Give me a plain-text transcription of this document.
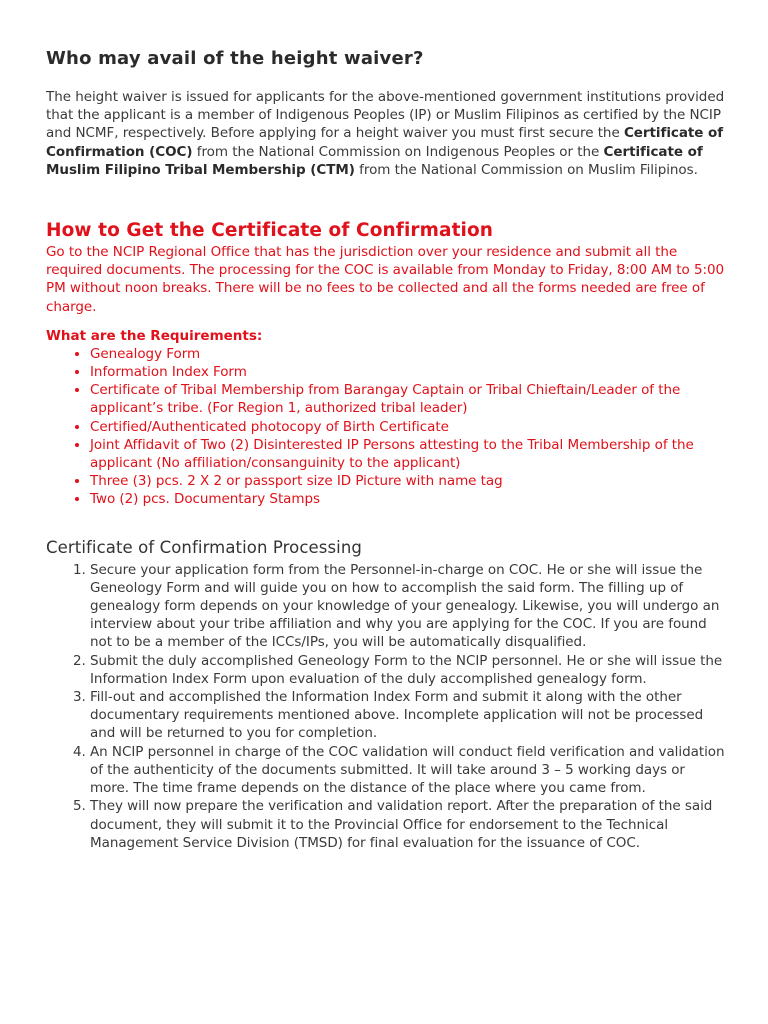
Who may avail of the height waiver?

The height waiver is issued for applicants for the above-mentioned government institutions provided that the applicant is a member of Indigenous Peoples (IP) or Muslim Filipinos as certified by the NCIP and NCMF, respectively. Before applying for a height waiver you must first secure the Certificate of Confirmation (COC) from the National Commission on Indigenous Peoples or the Certificate of Muslim Filipino Tribal Membership (CTM) from the National Commission on Muslim Filipinos.

How to Get the Certificate of Confirmation

Go to the NCIP Regional Office that has the jurisdiction over your residence and submit all the required documents. The processing for the COC is available from Monday to Friday, 8:00 AM to 5:00 PM without noon breaks. There will be no fees to be collected and all the forms needed are free of charge.

What are the Requirements:
• Genealogy Form
• Information Index Form
• Certificate of Tribal Membership from Barangay Captain or Tribal Chieftain/Leader of the applicant’s tribe. (For Region 1, authorized tribal leader)
• Certified/Authenticated photocopy of Birth Certificate
• Joint Affidavit of Two (2) Disinterested IP Persons attesting to the Tribal Membership of the applicant (No affiliation/consanguinity to the applicant)
• Three (3) pcs. 2 X 2 or passport size ID Picture with name tag
• Two (2) pcs. Documentary Stamps
Certificate of Confirmation Processing
1. Secure your application form from the Personnel-in-charge on COC. He or she will issue the Geneology Form and will guide you on how to accomplish the said form. The filling up of genealogy form depends on your knowledge of your genealogy. Likewise, you will undergo an interview about your tribe affiliation and why you are applying for the COC. If you are found not to be a member of the ICCs/IPs, you will be automatically disqualified.
2. Submit the duly accomplished Geneology Form to the NCIP personnel. He or she will issue the Information Index Form upon evaluation of the duly accomplished genealogy form.
3. Fill-out and accomplished the Information Index Form and submit it along with the other documentary requirements mentioned above. Incomplete application will not be processed and will be returned to you for completion.
4. An NCIP personnel in charge of the COC validation will conduct field verification and validation of the authenticity of the documents submitted. It will take around 3 – 5 working days or more. The time frame depends on the distance of the place where you came from.
5. They will now prepare the verification and validation report. After the preparation of the said document, they will submit it to the Provincial Office for endorsement to the Technical Management Service Division (TMSD) for final evaluation for the issuance of COC.
